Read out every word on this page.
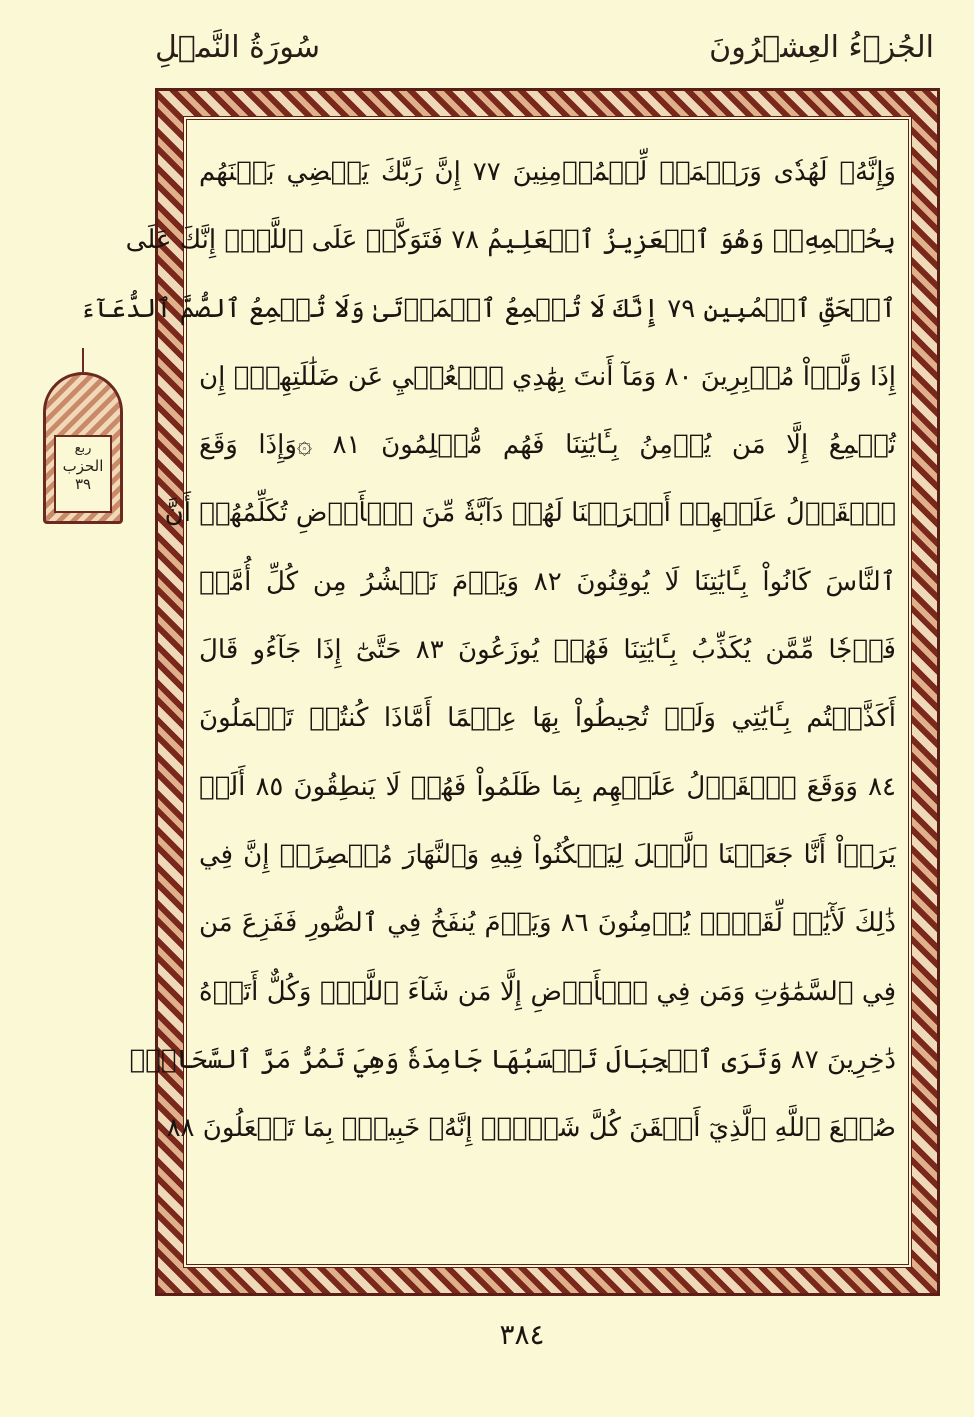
سُورَةُ النَّمۡلِ	الجُزۡءُ العِشۡرُونَ
ربع
الحزب
٣٩
وَإِنَّهُۥ لَهُدٗى وَرَحۡمَةٞ لِّلۡمُؤۡمِنِينَ ٧٧ إِنَّ رَبَّكَ يَقۡضِي بَيۡنَهُم
بِحُكۡمِهِۦۚ وَهُوَ ٱلۡعَزِيزُ ٱلۡعَلِيمُ ٧٨ فَتَوَكَّلۡ عَلَى ٱللَّهِۖ إِنَّكَ عَلَى
ٱلۡحَقِّ ٱلۡمُبِينِ ٧٩ إِنَّكَ لَا تُسۡمِعُ ٱلۡمَوۡتَىٰ وَلَا تُسۡمِعُ ٱلصُّمَّ ٱلدُّعَآءَ
إِذَا وَلَّوۡاْ مُدۡبِرِينَ ٨٠ وَمَآ أَنتَ بِهَٰدِي ٱلۡعُمۡيِ عَن ضَلَٰلَتِهِمۡۖ إِن
تُسۡمِعُ إِلَّا مَن يُؤۡمِنُ بِـَٔايَٰتِنَا فَهُم مُّسۡلِمُونَ ٨١ ۞وَإِذَا وَقَعَ
ٱلۡقَوۡلُ عَلَيۡهِمۡ أَخۡرَجۡنَا لَهُمۡ دَآبَّةٗ مِّنَ ٱلۡأَرۡضِ تُكَلِّمُهُمۡ أَنَّ
ٱلنَّاسَ كَانُواْ بِـَٔايَٰتِنَا لَا يُوقِنُونَ ٨٢ وَيَوۡمَ نَحۡشُرُ مِن كُلِّ أُمَّةٖ
فَوۡجٗا مِّمَّن يُكَذِّبُ بِـَٔايَٰتِنَا فَهُمۡ يُوزَعُونَ ٨٣ حَتَّىٰٓ إِذَا جَآءُو قَالَ
أَكَذَّبۡتُم بِـَٔايَٰتِي وَلَمۡ تُحِيطُواْ بِهَا عِلۡمًا أَمَّاذَا كُنتُمۡ تَعۡمَلُونَ
٨٤ وَوَقَعَ ٱلۡقَوۡلُ عَلَيۡهِم بِمَا ظَلَمُواْ فَهُمۡ لَا يَنطِقُونَ ٨٥ أَلَمۡ
يَرَوۡاْ أَنَّا جَعَلۡنَا ٱلَّيۡلَ لِيَسۡكُنُواْ فِيهِ وَٱلنَّهَارَ مُبۡصِرًاۚ إِنَّ فِي
ذَٰلِكَ لَأٓيَٰتٖ لِّقَوۡمٖ يُؤۡمِنُونَ ٨٦ وَيَوۡمَ يُنفَخُ فِي ٱلصُّورِ فَفَزِعَ مَن
فِي ٱلسَّمَٰوَٰتِ وَمَن فِي ٱلۡأَرۡضِ إِلَّا مَن شَآءَ ٱللَّهُۚ وَكُلٌّ أَتَوۡهُ
دَٰخِرِينَ ٨٧ وَتَرَى ٱلۡجِبَالَ تَحۡسَبُهَا جَامِدَةٗ وَهِيَ تَمُرُّ مَرَّ ٱلسَّحَابِۚ
صُنۡعَ ٱللَّهِ ٱلَّذِيٓ أَتۡقَنَ كُلَّ شَيۡءٍۚ إِنَّهُۥ خَبِيرُۢ بِمَا تَفۡعَلُونَ ٨٨
٣٨٤
